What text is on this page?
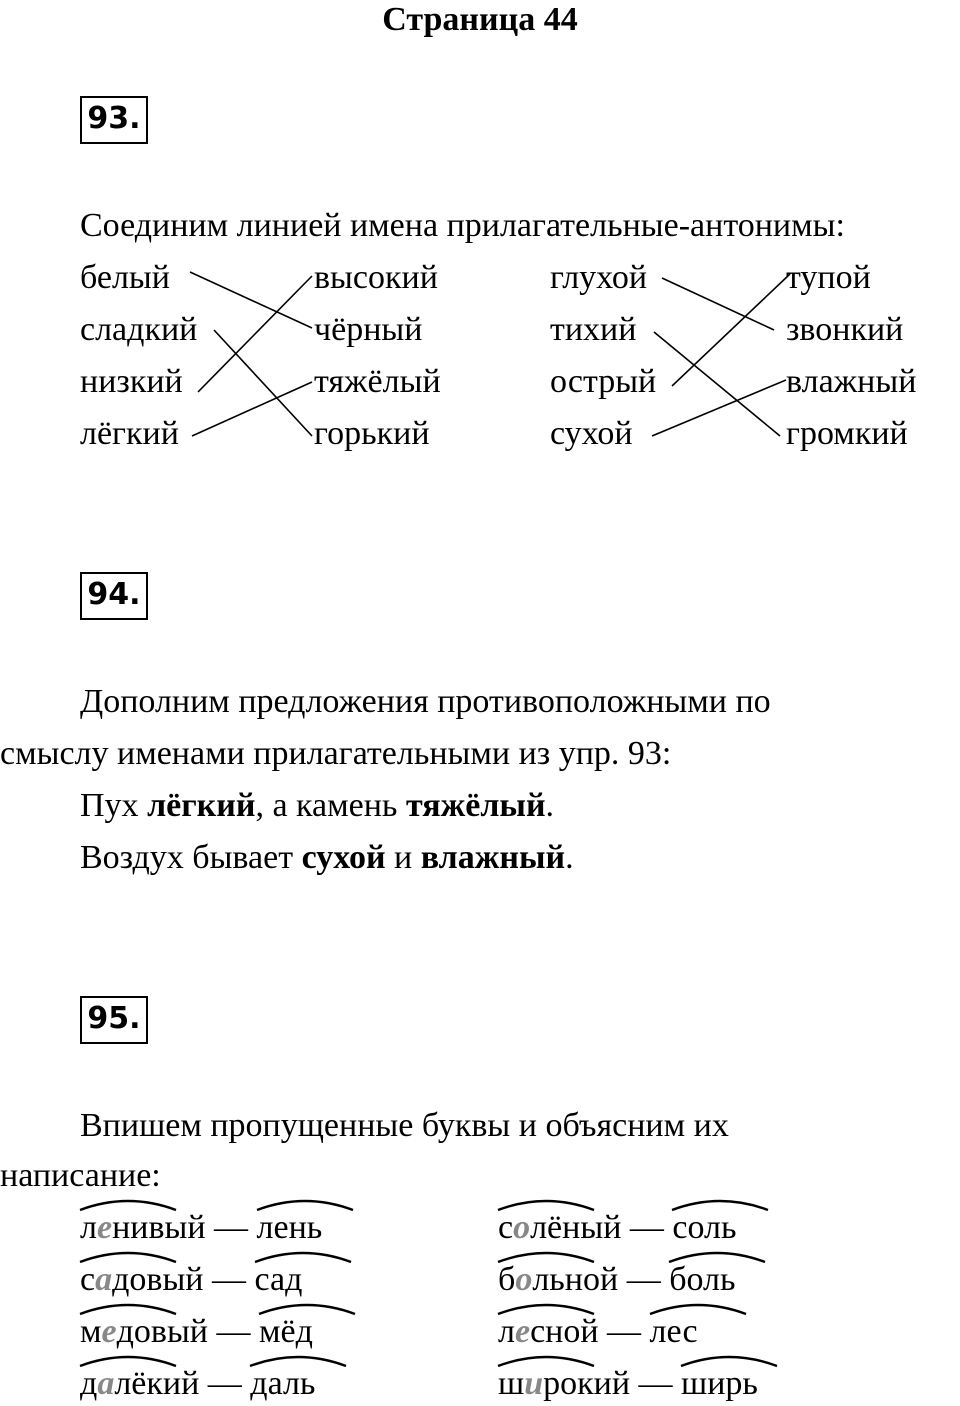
Страница 44
93.
Соединим линией имена прилагательные-антонимы:
белый
сладкий
низкий
лёгкий
высокий
чёрный
тяжёлый
горький
глухой
тихий
острый
сухой
тупой
звонкий
влажный
громкий
94.
Дополним предложения противоположными по
смыслу именами прилагательными из упр. 93:
Пух лёгкий, а камень тяжёлый.
Воздух бывает сухой и влажный.
95.
Впишем пропущенные буквы и объясним их
написание:
ленивый —
лень
садовый —
сад
медовый —
мёд
далёкий —
даль
солёный —
соль
больной —
боль
лесной —
лес
широкий —
ширь
